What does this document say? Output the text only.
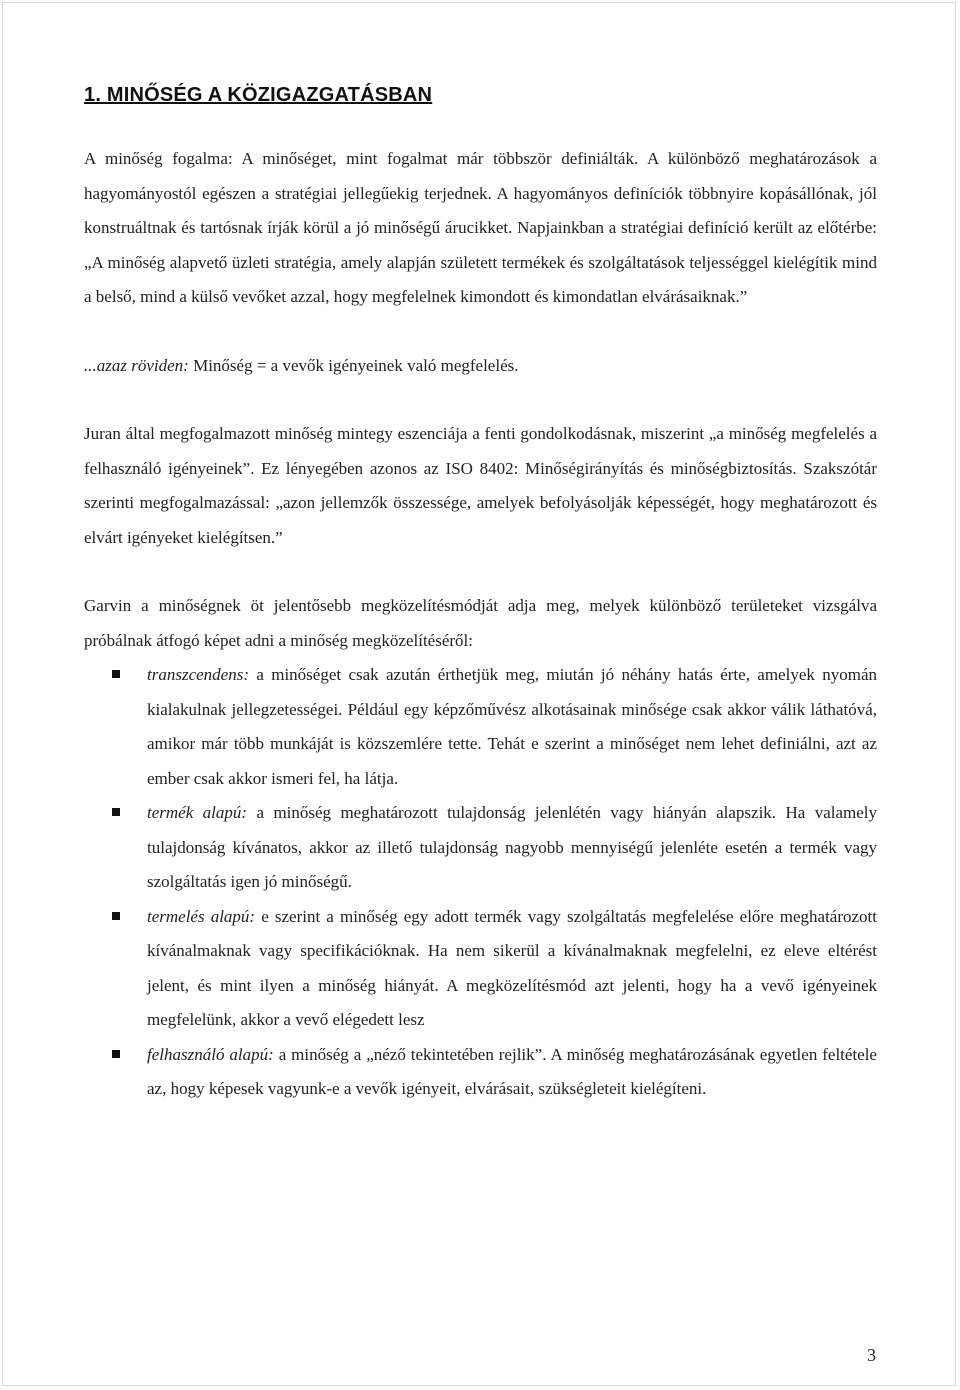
1. MINŐSÉG A KÖZIGAZGATÁSBAN

A minőség fogalma: A minőséget, mint fogalmat már többször definiálták. A különböző meghatározások a hagyományostól egészen a stratégiai jellegűekig terjednek. A hagyományos definíciók többnyire kopásállónak, jól konstruáltnak és tartósnak írják körül a jó minőségű árucikket. Napjainkban a stratégiai definíció került az előtérbe: „A minőség alapvető üzleti stratégia, amely alapján született termékek és szolgáltatások teljességgel kielégítik mind a belső, mind a külső vevőket azzal, hogy megfelelnek kimondott és kimondatlan elvárásaiknak.”

...azaz röviden: Minőség = a vevők igényeinek való megfelelés.

Juran által megfogalmazott minőség mintegy eszenciája a fenti gondolkodásnak, miszerint „a minőség megfelelés a felhasználó igényeinek”. Ez lényegében azonos az ISO 8402: Minőségirányítás és minőségbiztosítás. Szakszótár szerinti megfogalmazással: „azon jellemzők összessége, amelyek befolyásolják képességét, hogy meghatározott és elvárt igényeket kielégítsen.”

Garvin a minőségnek öt jelentősebb megközelítésmódját adja meg, melyek különböző területeket vizsgálva próbálnak átfogó képet adni a minőség megközelítéséről:

transzcendens: a minőséget csak azután érthetjük meg, miután jó néhány hatás érte, amelyek nyomán kialakulnak jellegzetességei. Például egy képzőművész alkotásainak minősége csak akkor válik láthatóvá, amikor már több munkáját is közszemlére tette. Tehát e szerint a minőséget nem lehet definiálni, azt az ember csak akkor ismeri fel, ha látja.
termék alapú: a minőség meghatározott tulajdonság jelenlétén vagy hiányán alapszik. Ha valamely tulajdonság kívánatos, akkor az illető tulajdonság nagyobb mennyiségű jelenléte esetén a termék vagy szolgáltatás igen jó minőségű.
termelés alapú: e szerint a minőség egy adott termék vagy szolgáltatás megfelelése előre meghatározott kívánalmaknak vagy specifikációknak. Ha nem sikerül a kívánalmaknak megfelelni, ez eleve eltérést jelent, és mint ilyen a minőség hiányát. A megközelítésmód azt jelenti, hogy ha a vevő igényeinek megfelelünk, akkor a vevő elégedett lesz
felhasználó alapú: a minőség a „néző tekintetében rejlik”. A minőség meghatározásának egyetlen feltétele az, hogy képesek vagyunk-e a vevők igényeit, elvárásait, szükségleteit kielégíteni.
3
